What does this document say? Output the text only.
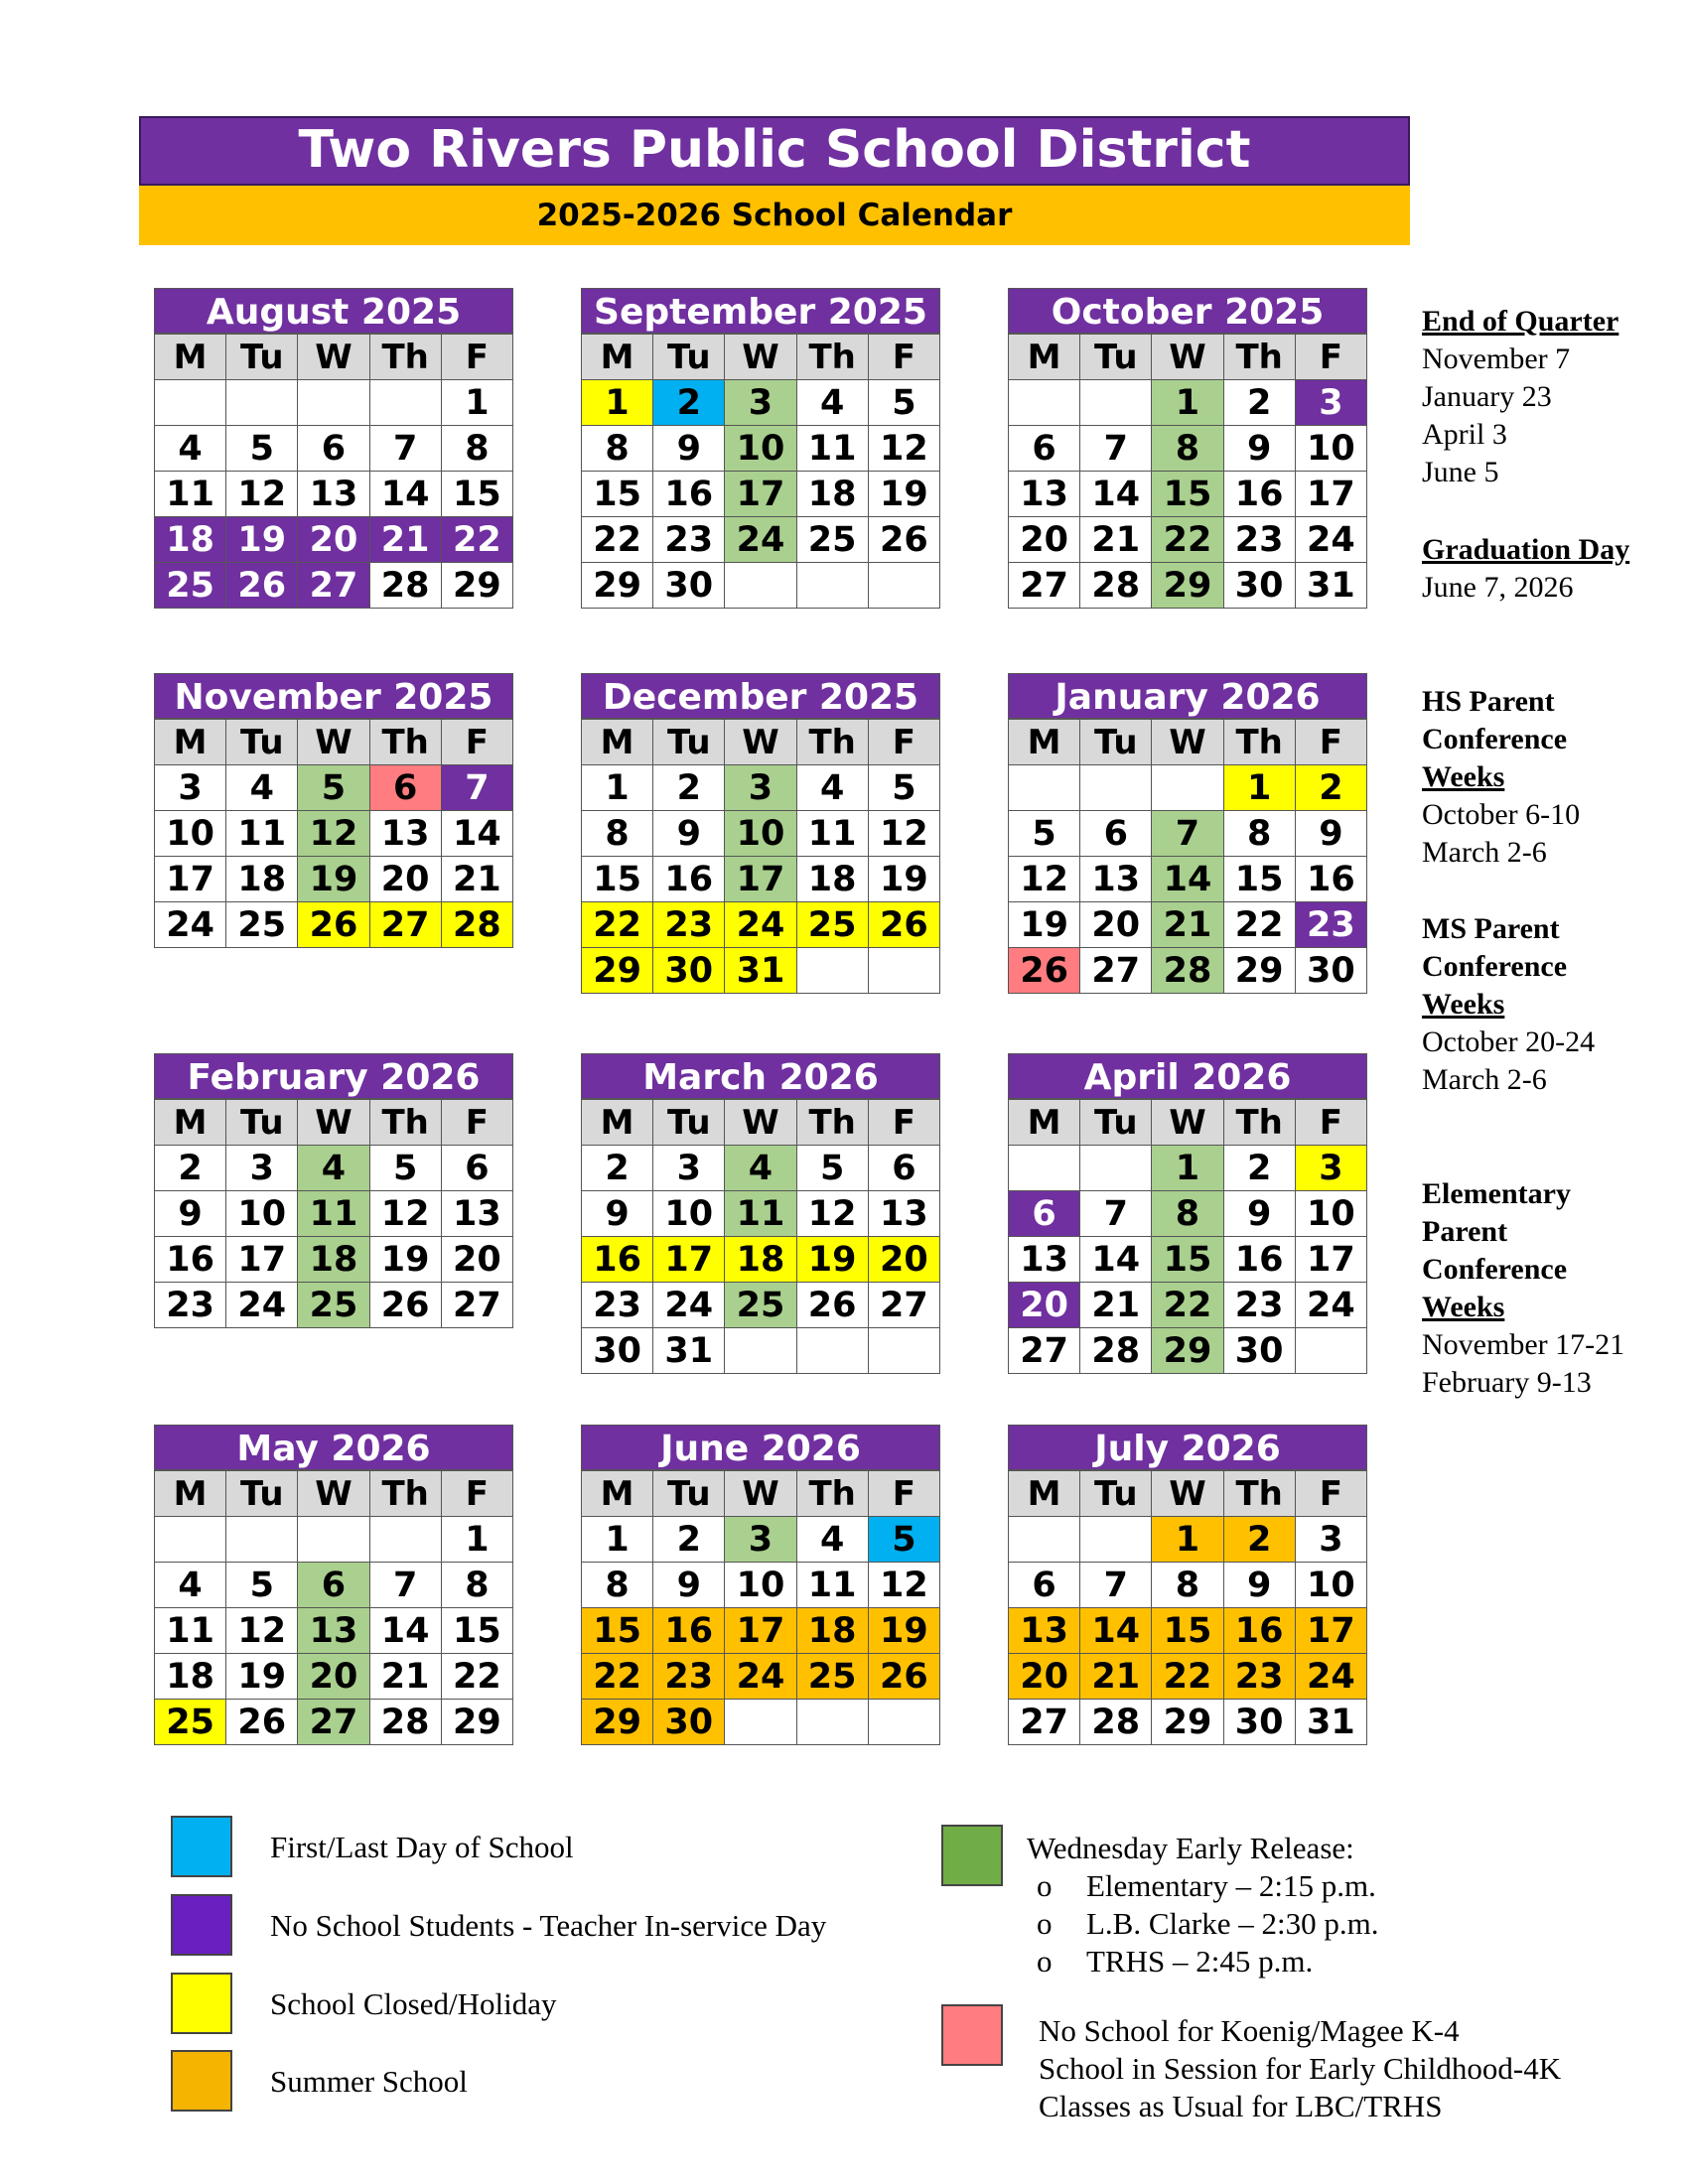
Two Rivers Public School District
2025-2026 School Calendar
August 2025
M	Tu	W	Th	F
				1
4	5	6	7	8
11	12	13	14	15
18	19	20	21	22
25	26	27	28	29
September 2025
M	Tu	W	Th	F
1	2	3	4	5
8	9	10	11	12
15	16	17	18	19
22	23	24	25	26
29	30			
October 2025
M	Tu	W	Th	F
		1	2	3
6	7	8	9	10
13	14	15	16	17
20	21	22	23	24
27	28	29	30	31
November 2025
M	Tu	W	Th	F
3	4	5	6	7
10	11	12	13	14
17	18	19	20	21
24	25	26	27	28
December 2025
M	Tu	W	Th	F
1	2	3	4	5
8	9	10	11	12
15	16	17	18	19
22	23	24	25	26
29	30	31		
January 2026
M	Tu	W	Th	F
			1	2
5	6	7	8	9
12	13	14	15	16
19	20	21	22	23
26	27	28	29	30
February 2026
M	Tu	W	Th	F
2	3	4	5	6
9	10	11	12	13
16	17	18	19	20
23	24	25	26	27
March 2026
M	Tu	W	Th	F
2	3	4	5	6
9	10	11	12	13
16	17	18	19	20
23	24	25	26	27
30	31			
April 2026
M	Tu	W	Th	F
		1	2	3
6	7	8	9	10
13	14	15	16	17
20	21	22	23	24
27	28	29	30	
May 2026
M	Tu	W	Th	F
				1
4	5	6	7	8
11	12	13	14	15
18	19	20	21	22
25	26	27	28	29
June 2026
M	Tu	W	Th	F
1	2	3	4	5
8	9	10	11	12
15	16	17	18	19
22	23	24	25	26
29	30			
July 2026
M	Tu	W	Th	F
		1	2	3
6	7	8	9	10
13	14	15	16	17
20	21	22	23	24
27	28	29	30	31
End of Quarter
November 7
January 23
April 3
June 5
Graduation Day
June 7, 2026
HS Parent
Conference
Weeks
October 6-10
March 2-6
MS Parent
Conference
Weeks
October 20-24
March 2-6
Elementary
Parent
Conference
Weeks
November 17-21
February 9-13
First/Last Day of School
No School Students - Teacher In-service Day
School Closed/Holiday
Summer School
Wednesday Early Release:
o Elementary – 2:15 p.m.
o L.B. Clarke – 2:30 p.m.
o TRHS – 2:45 p.m.
No School for Koenig/Magee K-4
School in Session for Early Childhood-4K
Classes as Usual for LBC/TRHS
